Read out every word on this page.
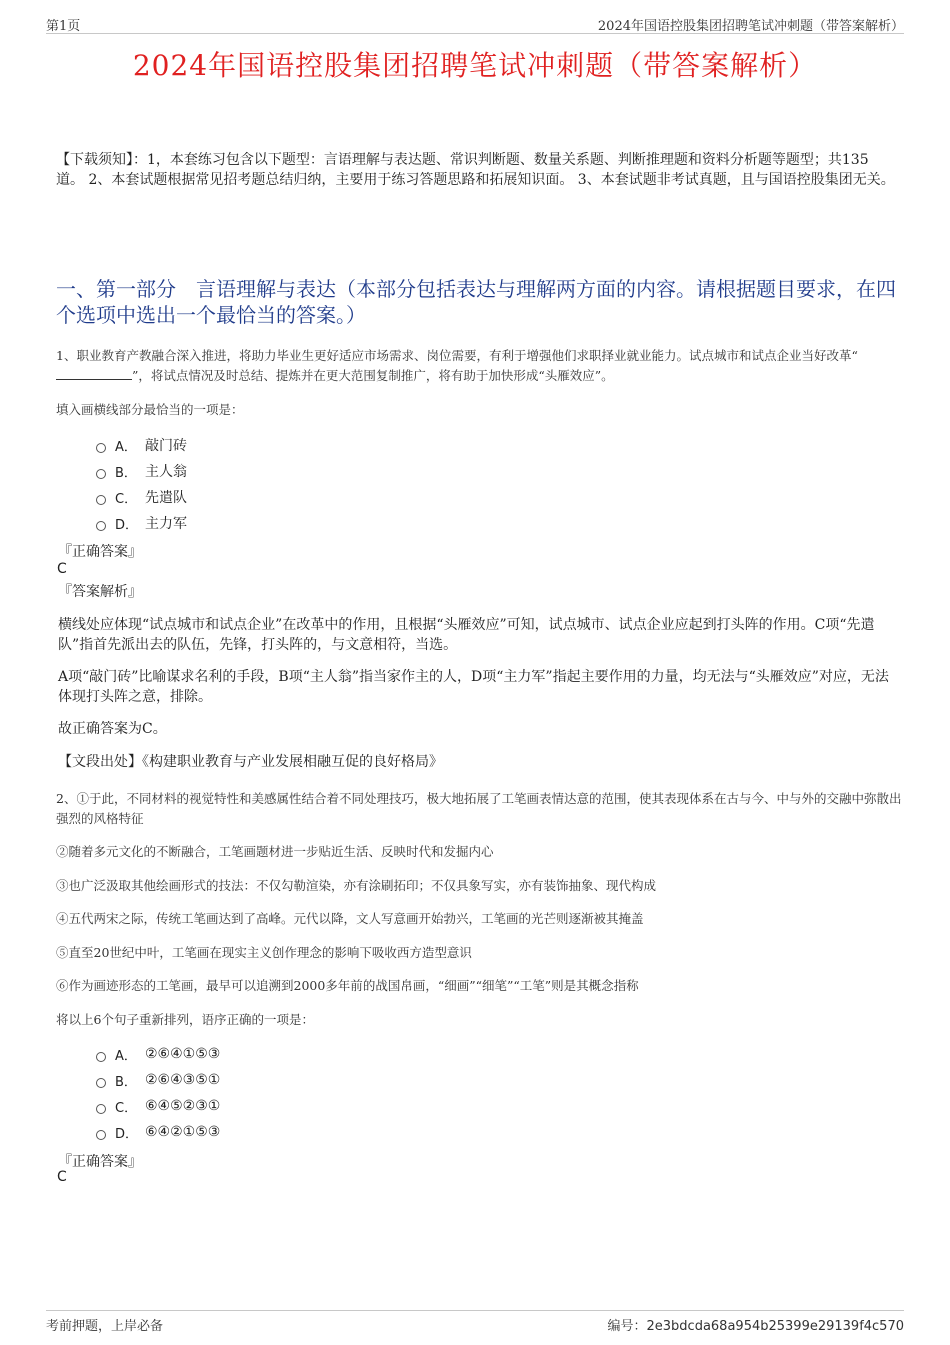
第1页	2024年国语控股集团招聘笔试冲刺题（带答案解析）
2024年国语控股集团招聘笔试冲刺题（带答案解析）
【下载须知】：1，本套练习包含以下题型：言语理解与表达题、常识判断题、数量关系题、判断推理题和资料分析题等题型；共135道。 2、本套试题根据常见招考题总结归纳，主要用于练习答题思路和拓展知识面。 3、本套试题非考试真题，且与国语控股集团无关。
一、第一部分　言语理解与表达（本部分包括表达与理解两方面的内容。请根据题目要求，在四个选项中选出一个最恰当的答案。）
1、职业教育产教融合深入推进，将助力毕业生更好适应市场需求、岗位需要，有利于增强他们求职择业就业能力。试点城市和试点企业当好改革“”，将试点情况及时总结、提炼并在更大范围复制推广，将有助于加快形成“头雁效应”。
填入画横线部分最恰当的一项是：
A． 敲门砖
B． 主人翁
C． 先遣队
D． 主力军
『正确答案』
C
『答案解析』
横线处应体现“试点城市和试点企业”在改革中的作用，且根据“头雁效应”可知，试点城市、试点企业应起到打头阵的作用。C项“先遣队”指首先派出去的队伍，先锋，打头阵的，与文意相符，当选。
A项“敲门砖”比喻谋求名利的手段，B项“主人翁”指当家作主的人，D项“主力军”指起主要作用的力量，均无法与“头雁效应”对应，无法体现打头阵之意，排除。
故正确答案为C。
【文段出处】《构建职业教育与产业发展相融互促的良好格局》
2、①于此，不同材料的视觉特性和美感属性结合着不同处理技巧，极大地拓展了工笔画表情达意的范围，使其表现体系在古与今、中与外的交融中弥散出强烈的风格特征
②随着多元文化的不断融合，工笔画题材进一步贴近生活、反映时代和发掘内心
③也广泛汲取其他绘画形式的技法：不仅勾勒渲染，亦有涂刷拓印；不仅具象写实，亦有装饰抽象、现代构成
④五代两宋之际，传统工笔画达到了高峰。元代以降，文人写意画开始勃兴，工笔画的光芒则逐渐被其掩盖
⑤直至20世纪中叶，工笔画在现实主义创作理念的影响下吸收西方造型意识
⑥作为画迹形态的工笔画，最早可以追溯到2000多年前的战国帛画，“细画”“细笔”“工笔”则是其概念指称
将以上6个句子重新排列，语序正确的一项是：
A． ②⑥④①⑤③
B． ②⑥④③⑤①
C． ⑥④⑤②③①
D． ⑥④②①⑤③
『正确答案』
C
考前押题，上岸必备	编号：2e3bdcda68a954b25399e29139f4c570
